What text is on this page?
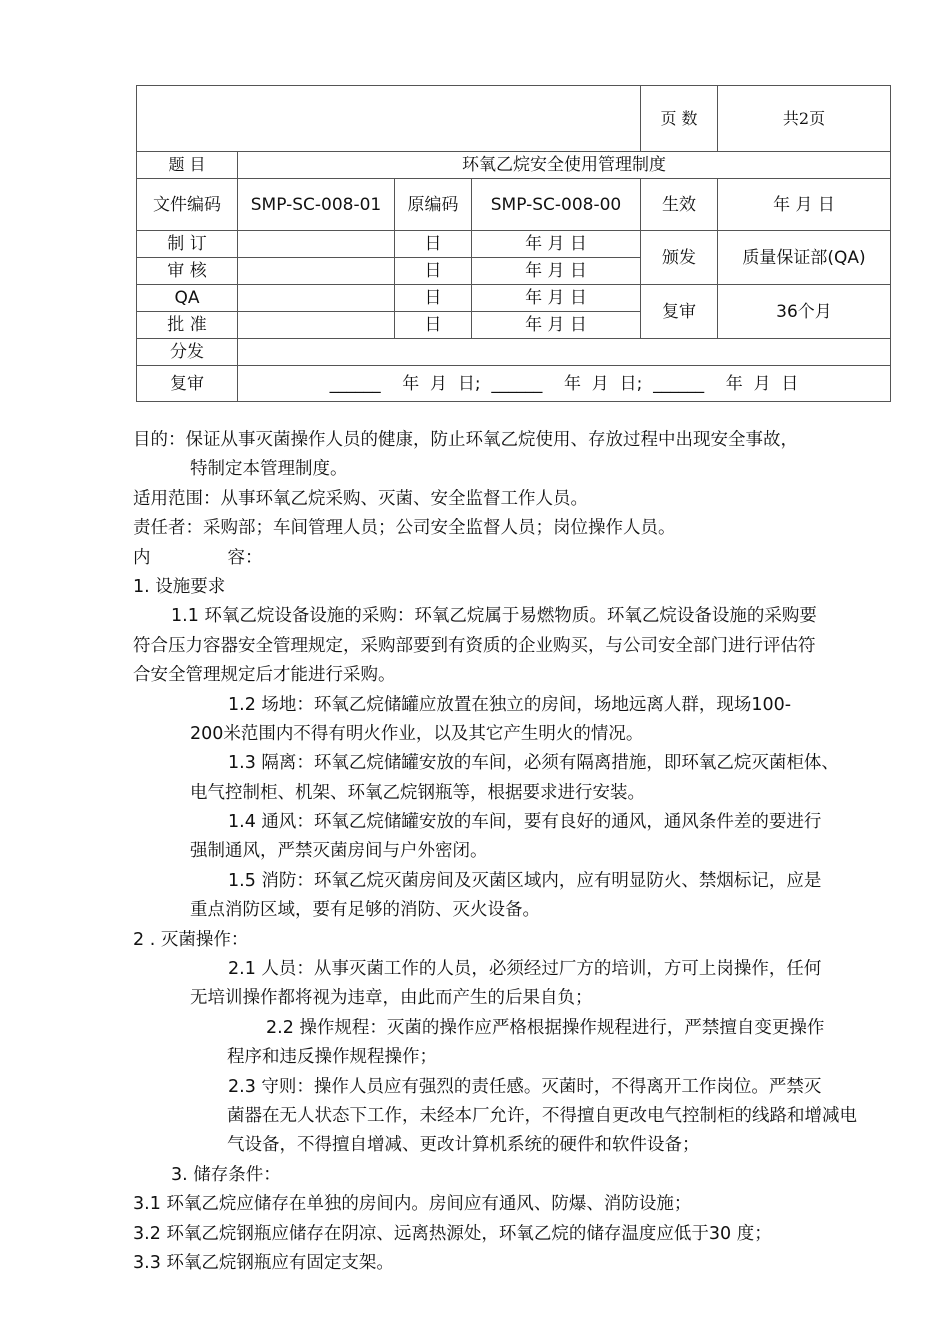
				页 数	共2页
题 目	环氧乙烷安全使用管理制度				
文件编码	SMP-SC-008-01	原编码	SMP-SC-008-00	生效	年 月 日
制 订		日	年 月 日	颁发	质量保证部(QA)
审 核		日	年 月 日		
QA		日	年 月 日	复审	36个月
批 准		日	年 月 日		
分发					
复审	______    年  月  日;  ______    年  月  日;  ______    年  月  日				
目的：保证从事灭菌操作人员的健康，防止环氧乙烷使用、存放过程中出现安全事故，
特制定本管理制度。
适用范围：从事环氧乙烷采购、灭菌、安全监督工作人员。
责任者：采购部；车间管理人员；公司安全监督人员；岗位操作人员。
内	容：
1. 设施要求
1.1 环氧乙烷设备设施的采购：环氧乙烷属于易燃物质。环氧乙烷设备设施的采购要
符合压力容器安全管理规定，采购部要到有资质的企业购买，与公司安全部门进行评估符
合安全管理规定后才能进行采购。
1.2 场地：环氧乙烷储罐应放置在独立的房间，场地远离人群，现场100-
200米范围内不得有明火作业，以及其它产生明火的情况。
1.3 隔离：环氧乙烷储罐安放的车间，必须有隔离措施，即环氧乙烷灭菌柜体、
电气控制柜、机架、环氧乙烷钢瓶等，根据要求进行安装。
1.4 通风：环氧乙烷储罐安放的车间，要有良好的通风，通风条件差的要进行
强制通风，严禁灭菌房间与户外密闭。
1.5 消防：环氧乙烷灭菌房间及灭菌区域内，应有明显防火、禁烟标记，应是
重点消防区域，要有足够的消防、灭火设备。
2 . 灭菌操作：
2.1 人员：从事灭菌工作的人员，必须经过厂方的培训，方可上岗操作，任何
无培训操作都将视为违章，由此而产生的后果自负；
2.2 操作规程：灭菌的操作应严格根据操作规程进行，严禁擅自变更操作
程序和违反操作规程操作；
2.3 守则：操作人员应有强烈的责任感。灭菌时，不得离开工作岗位。严禁灭
菌器在无人状态下工作，未经本厂允许，不得擅自更改电气控制柜的线路和增减电
气设备，不得擅自增减、更改计算机系统的硬件和软件设备；
3. 储存条件：
3.1 环氧乙烷应储存在单独的房间内。房间应有通风、防爆、消防设施；
3.2 环氧乙烷钢瓶应储存在阴凉、远离热源处，环氧乙烷的储存温度应低于30 度；
3.3 环氧乙烷钢瓶应有固定支架。
